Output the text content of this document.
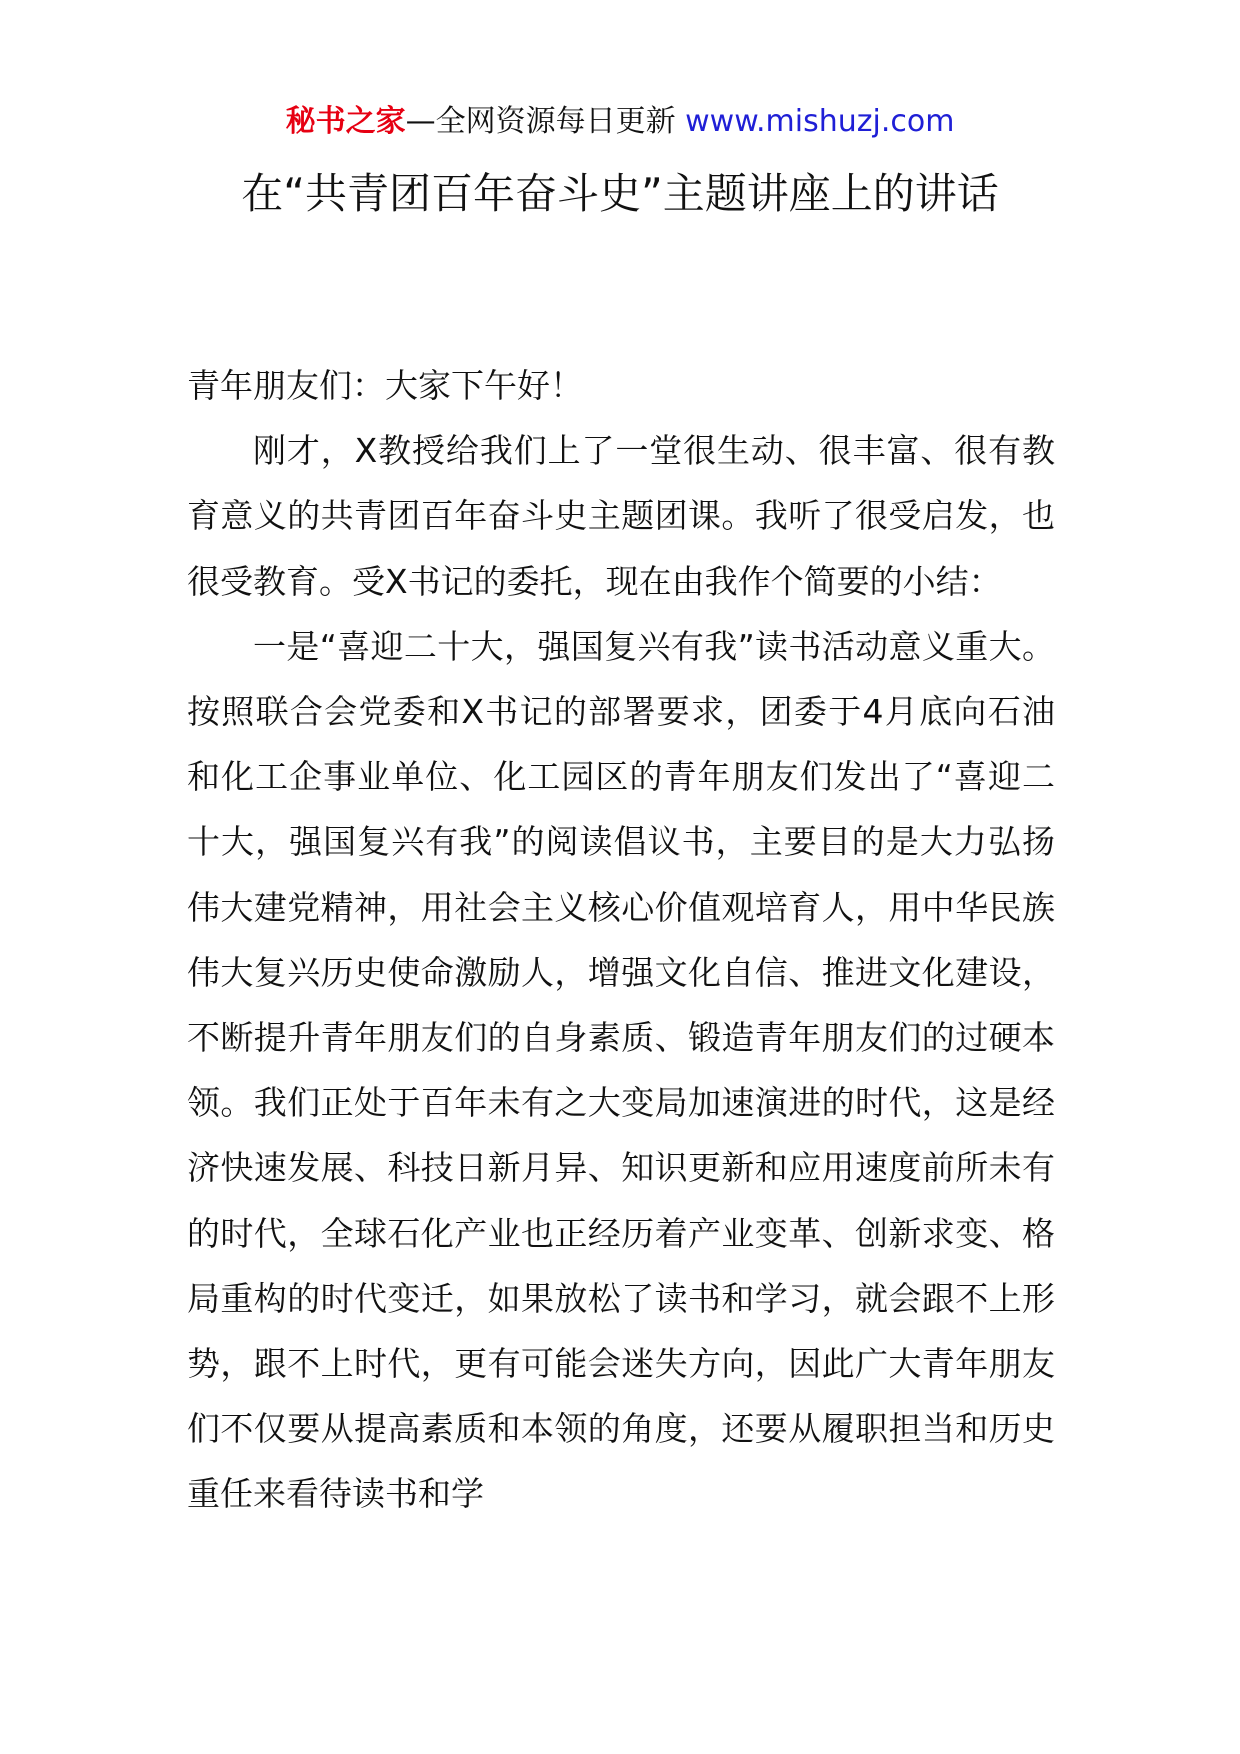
秘书之家—全网资源每日更新 www.mishuzj.com
在“共青团百年奋斗史”主题讲座上的讲话

青年朋友们：大家下午好！

刚才，X教授给我们上了一堂很生动、很丰富、很有教育意义的共青团百年奋斗史主题团课。我听了很受启发，也很受教育。受X书记的委托，现在由我作个简要的小结：

一是“喜迎二十大，强国复兴有我”读书活动意义重大。按照联合会党委和X书记的部署要求，团委于4月底向石油和化工企事业单位、化工园区的青年朋友们发出了“喜迎二十大，强国复兴有我”的阅读倡议书，主要目的是大力弘扬伟大建党精神，用社会主义核心价值观培育人，用中华民族伟大复兴历史使命激励人，增强文化自信、推进文化建设，不断提升青年朋友们的自身素质、锻造青年朋友们的过硬本领。我们正处于百年未有之大变局加速演进的时代，这是经济快速发展、科技日新月异、知识更新和应用速度前所未有的时代，全球石化产业也正经历着产业变革、创新求变、格局重构的时代变迁，如果放松了读书和学习，就会跟不上形势，跟不上时代，更有可能会迷失方向，因此广大青年朋友们不仅要从提高素质和本领的角度，还要从履职担当和历史重任来看待读书和学
